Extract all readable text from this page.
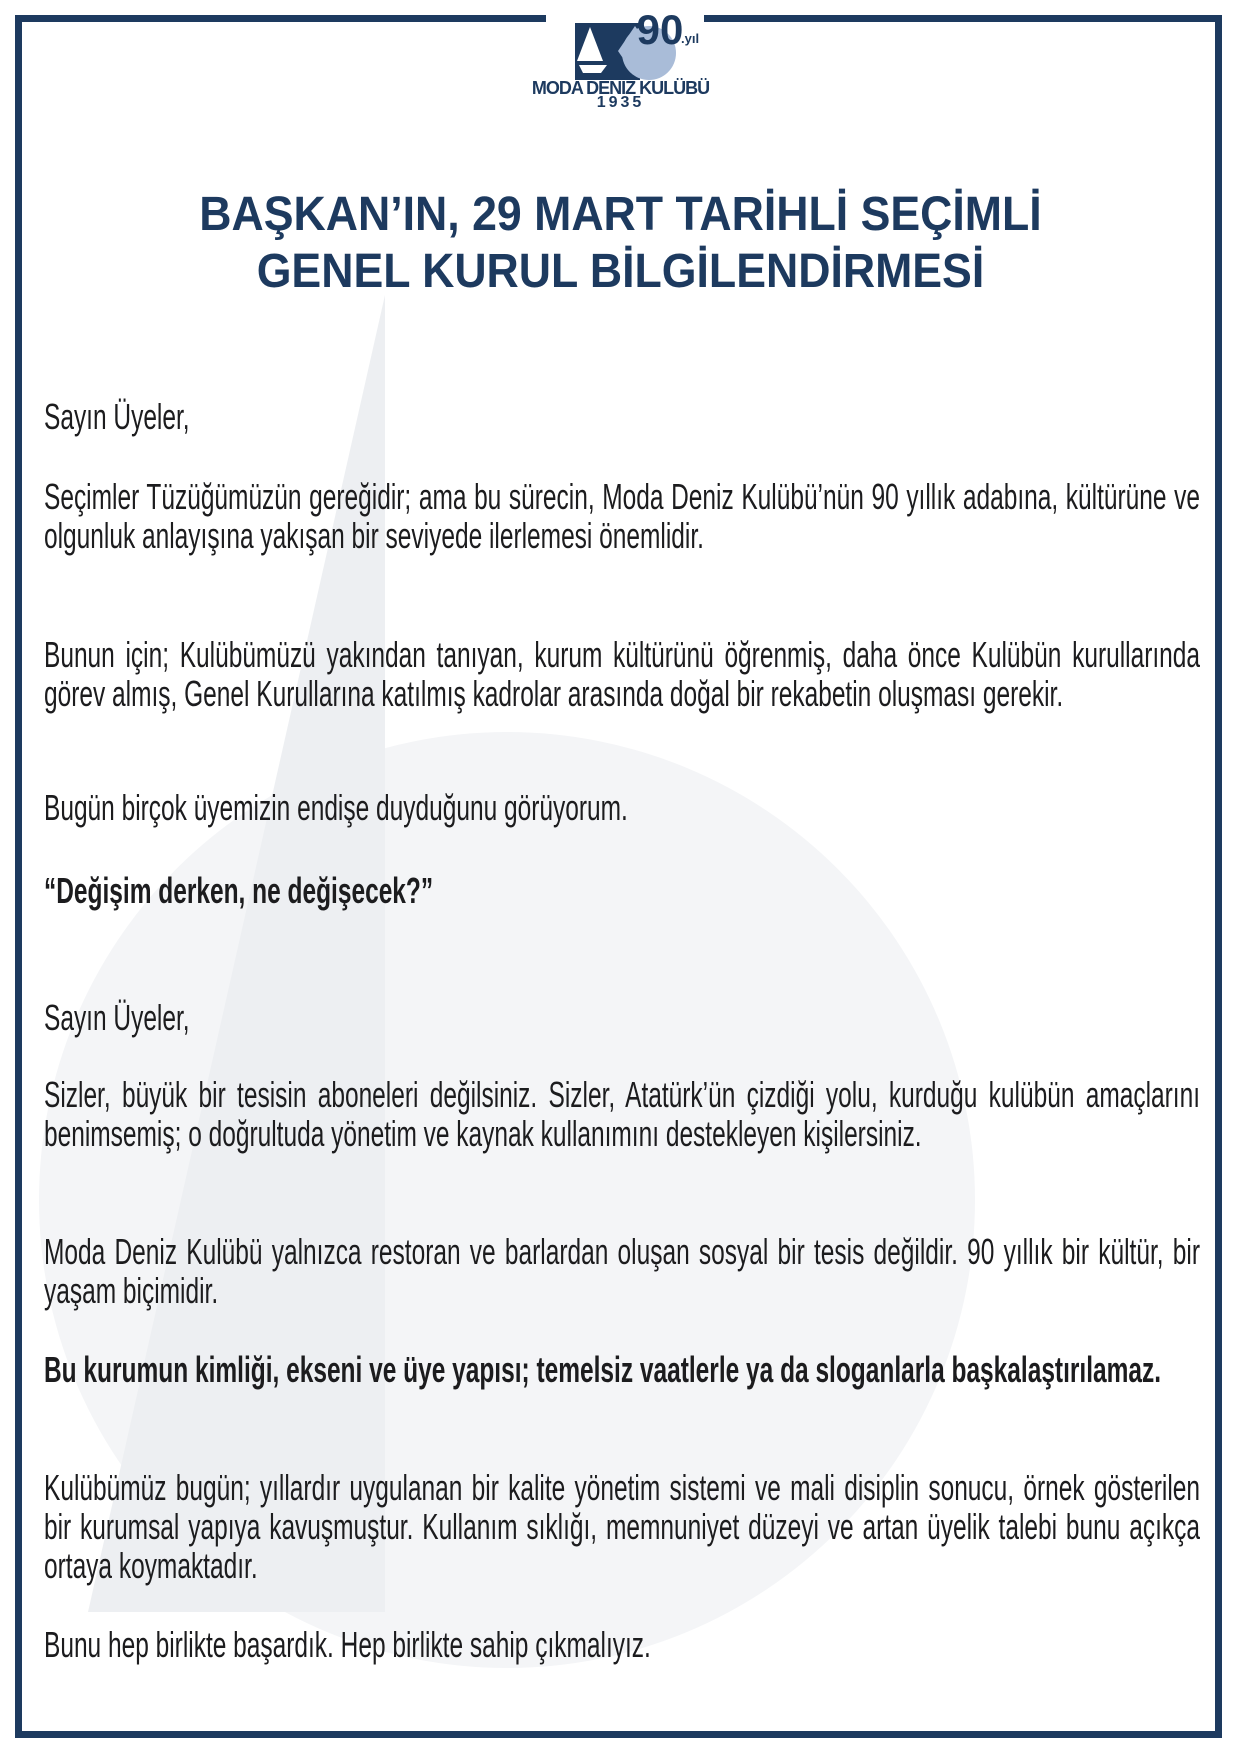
90
.yıl
MODA DENİZ KULÜBÜ
1935
BAŞKAN’IN, 29 MART TARİHLİ SEÇİMLİ
GENEL KURUL BİLGİLENDİRMESİ

Sayın Üyeler,

Seçimler Tüzüğümüzün gereğidir; ama bu sürecin, Moda Deniz Kulübü’nün 90 yıllık adabına, kültürüne ve olgunluk anlayışına yakışan bir seviyede ilerlemesi önemlidir.

Bunun için; Kulübümüzü yakından tanıyan, kurum kültürünü öğrenmiş, daha önce Kulübün kurullarında görev almış, Genel Kurullarına katılmış kadrolar arasında doğal bir rekabetin oluşması gerekir.

Bugün birçok üyemizin endişe duyduğunu görüyorum.

“Değişim derken, ne değişecek?”

Sayın Üyeler,

Sizler, büyük bir tesisin aboneleri değilsiniz. Sizler, Atatürk’ün çizdiği yolu, kurduğu kulübün amaçlarını benimsemiş; o doğrultuda yönetim ve kaynak kullanımını destekleyen kişilersiniz.

Moda Deniz Kulübü yalnızca restoran ve barlardan oluşan sosyal bir tesis değildir. 90 yıllık bir kültür, bir yaşam biçimidir.

Bu kurumun kimliği, ekseni ve üye yapısı; temelsiz vaatlerle ya da sloganlarla başkalaştırılamaz.

Kulübümüz bugün; yıllardır uygulanan bir kalite yönetim sistemi ve mali disiplin sonucu, örnek gösterilen bir kurumsal yapıya kavuşmuştur. Kullanım sıklığı, memnuniyet düzeyi ve artan üyelik talebi bunu açıkça ortaya koymaktadır.

Bunu hep birlikte başardık. Hep birlikte sahip çıkmalıyız.
